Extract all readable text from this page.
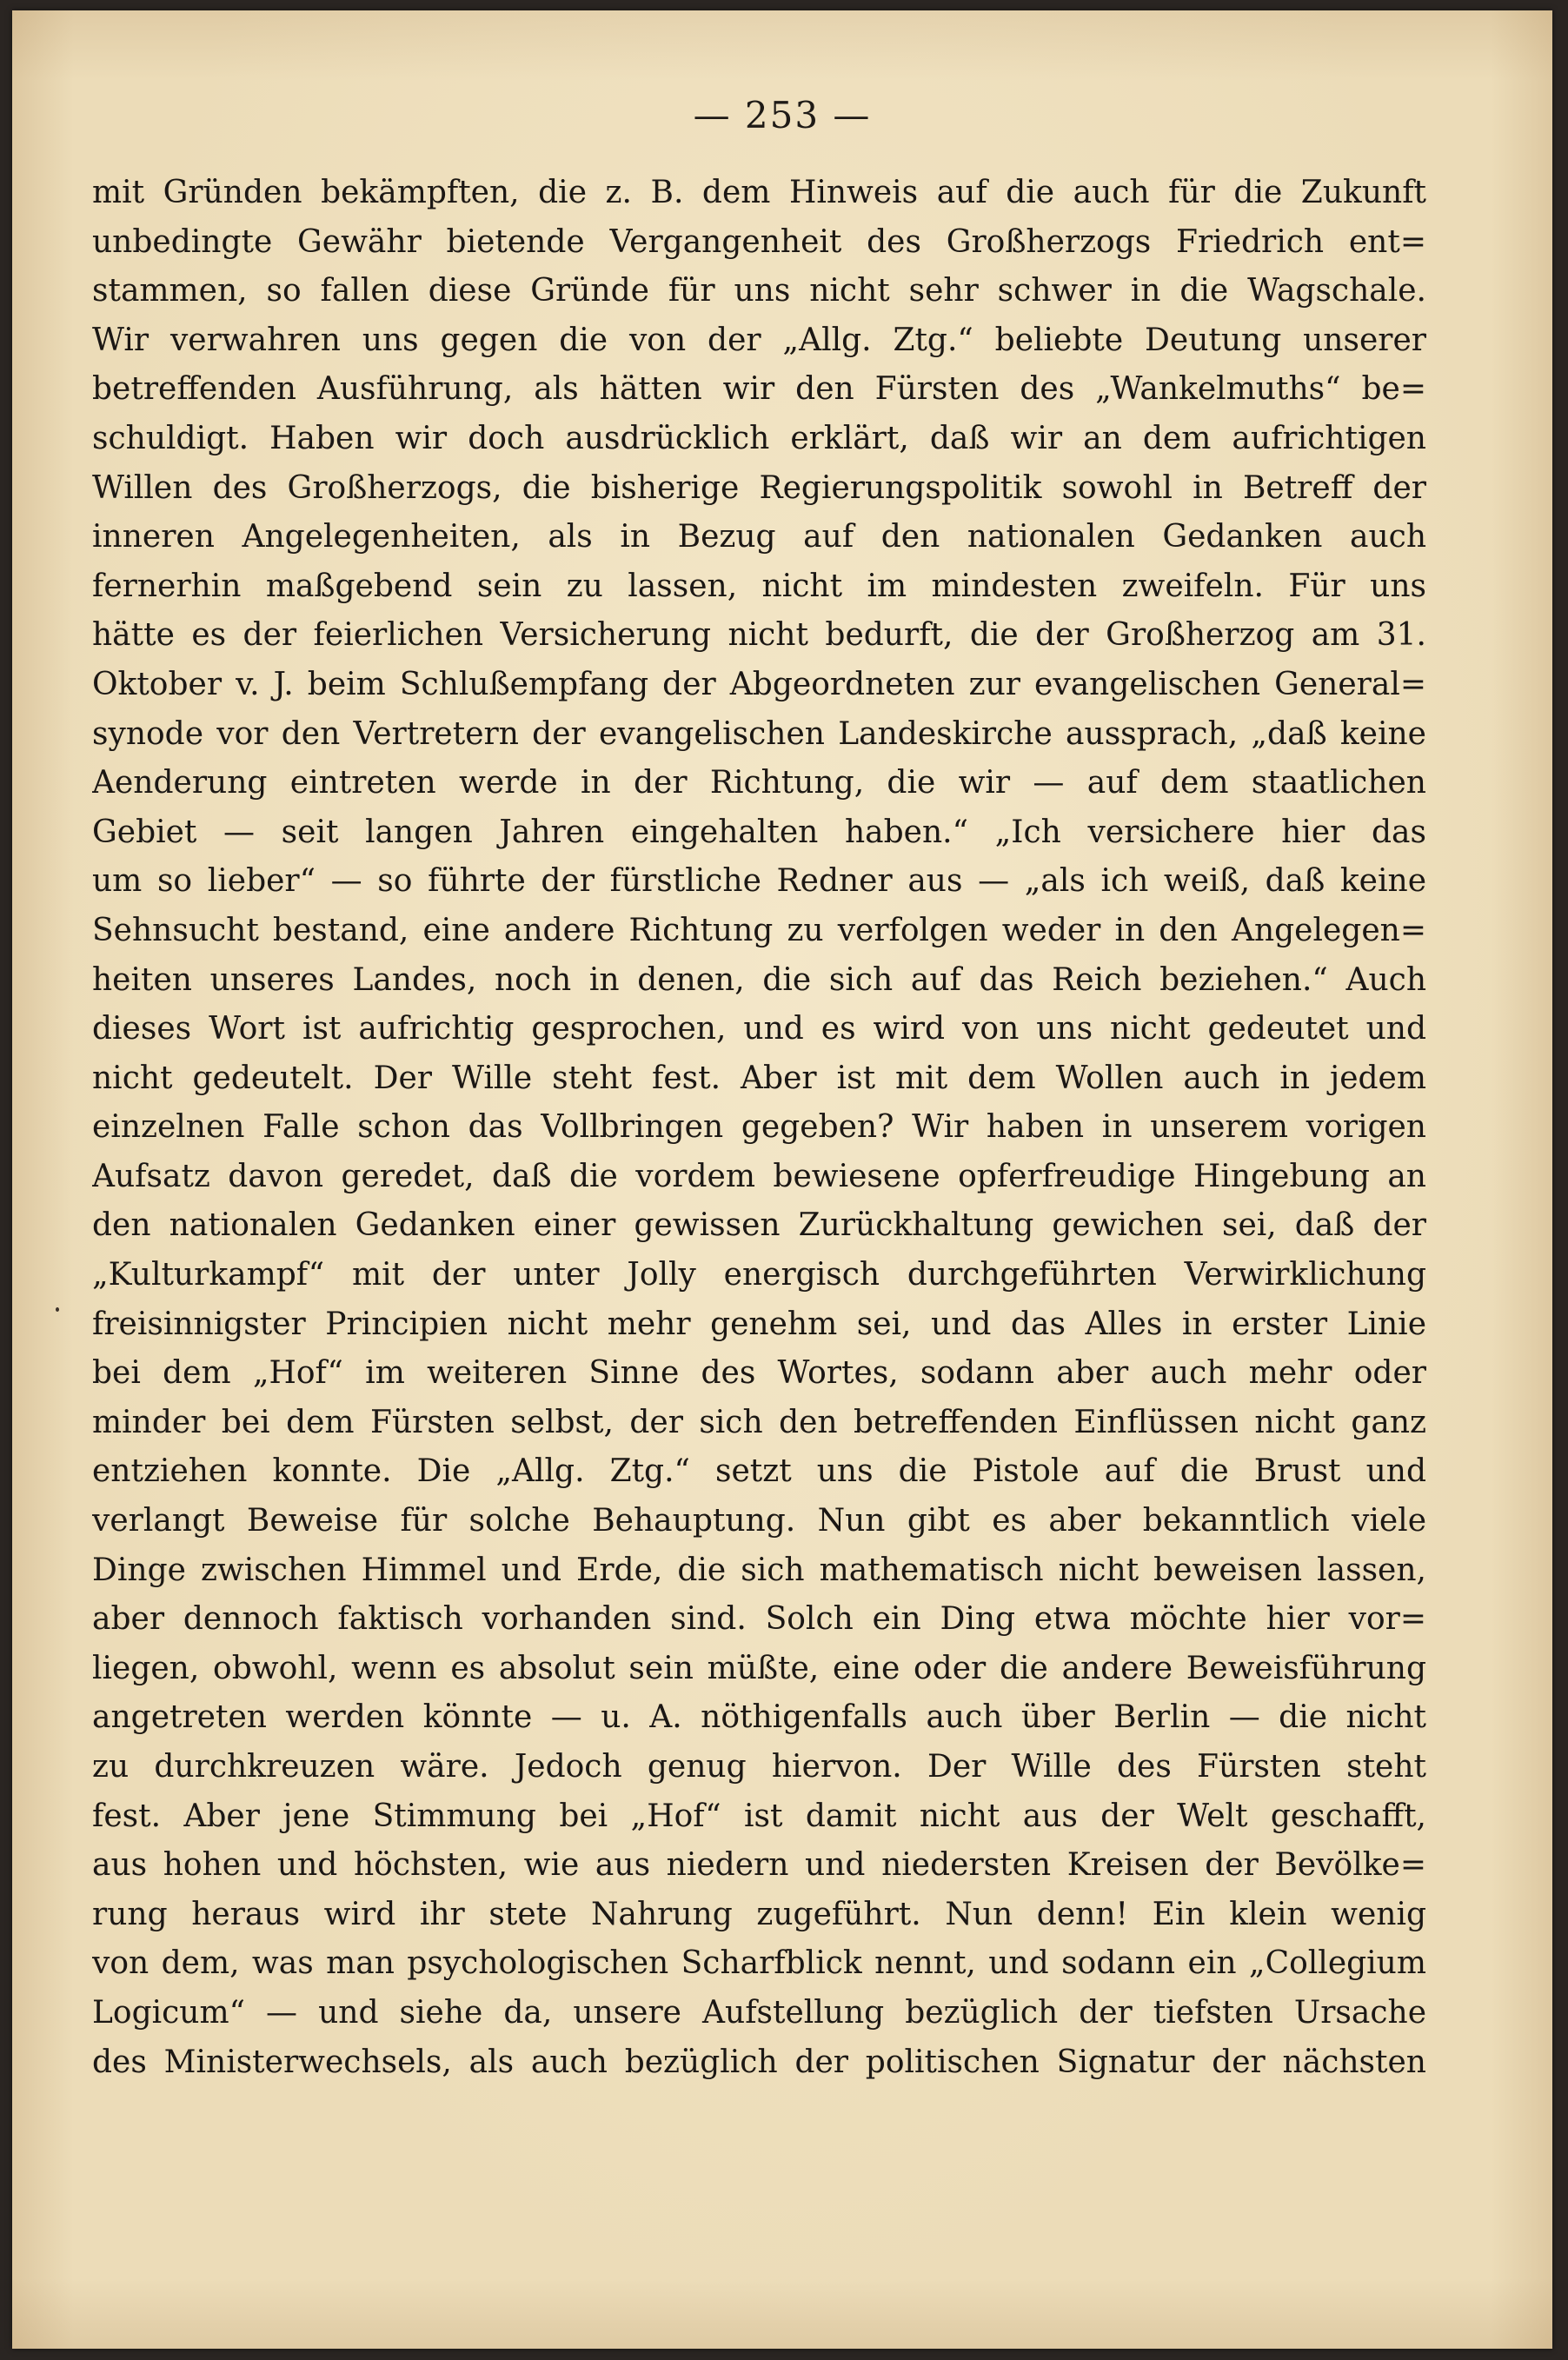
— 253 —
mit Gründen bekämpften, die z. B. dem Hinweis auf die auch für die Zukunft
unbedingte Gewähr bietende Vergangenheit des Großherzogs Friedrich ent=
stammen, so fallen diese Gründe für uns nicht sehr schwer in die Wagschale.
Wir verwahren uns gegen die von der „Allg. Ztg.“ beliebte Deutung unserer
betreffenden Ausführung, als hätten wir den Fürsten des „Wankelmuths“ be=
schuldigt. Haben wir doch ausdrücklich erklärt, daß wir an dem aufrichtigen
Willen des Großherzogs, die bisherige Regierungspolitik sowohl in Betreff der
inneren Angelegenheiten, als in Bezug auf den nationalen Gedanken auch
fernerhin maßgebend sein zu lassen, nicht im mindesten zweifeln. Für uns
hätte es der feierlichen Versicherung nicht bedurft, die der Großherzog am 31.
Oktober v. J. beim Schlußempfang der Abgeordneten zur evangelischen General=
synode vor den Vertretern der evangelischen Landeskirche aussprach, „daß keine
Aenderung eintreten werde in der Richtung, die wir — auf dem staatlichen
Gebiet — seit langen Jahren eingehalten haben.“ „Ich versichere hier das
um so lieber“ — so führte der fürstliche Redner aus — „als ich weiß, daß keine
Sehnsucht bestand, eine andere Richtung zu verfolgen weder in den Angelegen=
heiten unseres Landes, noch in denen, die sich auf das Reich beziehen.“ Auch
dieses Wort ist aufrichtig gesprochen, und es wird von uns nicht gedeutet und
nicht gedeutelt. Der Wille steht fest. Aber ist mit dem Wollen auch in jedem
einzelnen Falle schon das Vollbringen gegeben? Wir haben in unserem vorigen
Aufsatz davon geredet, daß die vordem bewiesene opferfreudige Hingebung an
den nationalen Gedanken einer gewissen Zurückhaltung gewichen sei, daß der
„Kulturkampf“ mit der unter Jolly energisch durchgeführten Verwirklichung
freisinnigster Principien nicht mehr genehm sei, und das Alles in erster Linie
bei dem „Hof“ im weiteren Sinne des Wortes, sodann aber auch mehr oder
minder bei dem Fürsten selbst, der sich den betreffenden Einflüssen nicht ganz
entziehen konnte. Die „Allg. Ztg.“ setzt uns die Pistole auf die Brust und
verlangt Beweise für solche Behauptung. Nun gibt es aber bekanntlich viele
Dinge zwischen Himmel und Erde, die sich mathematisch nicht beweisen lassen,
aber dennoch faktisch vorhanden sind. Solch ein Ding etwa möchte hier vor=
liegen, obwohl, wenn es absolut sein müßte, eine oder die andere Beweisführung
angetreten werden könnte — u. A. nöthigenfalls auch über Berlin — die nicht
zu durchkreuzen wäre. Jedoch genug hiervon. Der Wille des Fürsten steht
fest. Aber jene Stimmung bei „Hof“ ist damit nicht aus der Welt geschafft,
aus hohen und höchsten, wie aus niedern und niedersten Kreisen der Bevölke=
rung heraus wird ihr stete Nahrung zugeführt. Nun denn! Ein klein wenig
von dem, was man psychologischen Scharfblick nennt, und sodann ein „Collegium
Logicum“ — und siehe da, unsere Aufstellung bezüglich der tiefsten Ursache
des Ministerwechsels, als auch bezüglich der politischen Signatur der nächsten
